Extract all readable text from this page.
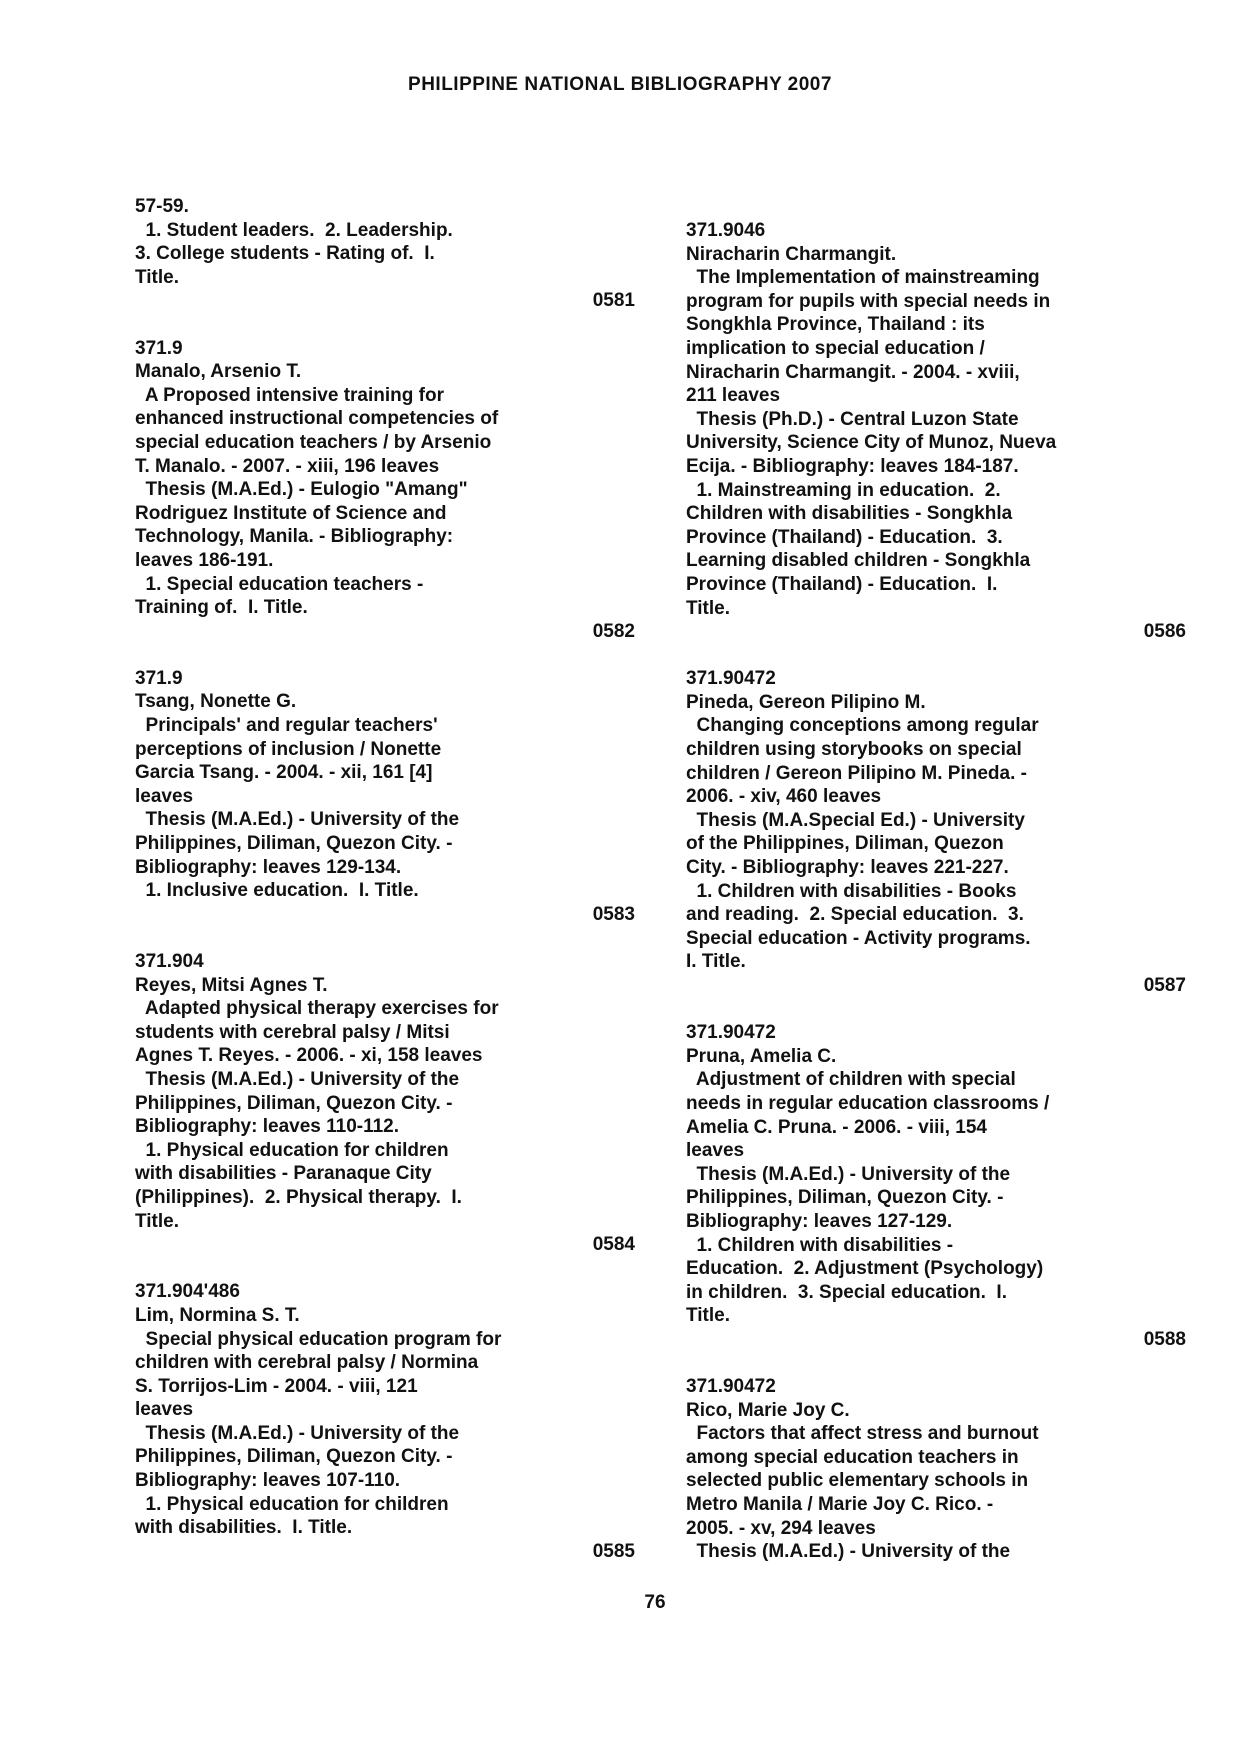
PHILIPPINE NATIONAL BIBLIOGRAPHY 2007
57-59.
1. Student leaders.  2. Leadership.
3. College students - Rating of.  I.
Title.
0581
371.9
Manalo, Arsenio T.
A Proposed intensive training for
enhanced instructional competencies of
special education teachers / by Arsenio
T. Manalo. - 2007. - xiii, 196 leaves
Thesis (M.A.Ed.) - Eulogio "Amang"
Rodriguez Institute of Science and
Technology, Manila. - Bibliography:
leaves 186-191.
1. Special education teachers -
Training of.  I. Title.
0582
371.9
Tsang, Nonette G.
Principals' and regular teachers'
perceptions of inclusion / Nonette
Garcia Tsang. - 2004. - xii, 161 [4]
leaves
Thesis (M.A.Ed.) - University of the
Philippines, Diliman, Quezon City. -
Bibliography: leaves 129-134.
1. Inclusive education.  I. Title.
0583
371.904
Reyes, Mitsi Agnes T.
Adapted physical therapy exercises for
students with cerebral palsy / Mitsi
Agnes T. Reyes. - 2006. - xi, 158 leaves
Thesis (M.A.Ed.) - University of the
Philippines, Diliman, Quezon City. -
Bibliography: leaves 110-112.
1. Physical education for children
with disabilities - Paranaque City
(Philippines).  2. Physical therapy.  I.
Title.
0584
371.904'486
Lim, Normina S. T.
Special physical education program for
children with cerebral palsy / Normina
S. Torrijos-Lim - 2004. - viii, 121
leaves
Thesis (M.A.Ed.) - University of the
Philippines, Diliman, Quezon City. -
Bibliography: leaves 107-110.
1. Physical education for children
with disabilities.  I. Title.
0585
371.9046
Niracharin Charmangit.
The Implementation of mainstreaming
program for pupils with special needs in
Songkhla Province, Thailand : its
implication to special education /
Niracharin Charmangit. - 2004. - xviii,
211 leaves
Thesis (Ph.D.) - Central Luzon State
University, Science City of Munoz, Nueva
Ecija. - Bibliography: leaves 184-187.
1. Mainstreaming in education.  2.
Children with disabilities - Songkhla
Province (Thailand) - Education.  3.
Learning disabled children - Songkhla
Province (Thailand) - Education.  I.
Title.
0586
371.90472
Pineda, Gereon Pilipino M.
Changing conceptions among regular
children using storybooks on special
children / Gereon Pilipino M. Pineda. -
2006. - xiv, 460 leaves
Thesis (M.A.Special Ed.) - University
of the Philippines, Diliman, Quezon
City. - Bibliography: leaves 221-227.
1. Children with disabilities - Books
and reading.  2. Special education.  3.
Special education - Activity programs.
I. Title.
0587
371.90472
Pruna, Amelia C.
Adjustment of children with special
needs in regular education classrooms /
Amelia C. Pruna. - 2006. - viii, 154
leaves
Thesis (M.A.Ed.) - University of the
Philippines, Diliman, Quezon City. -
Bibliography: leaves 127-129.
1. Children with disabilities -
Education.  2. Adjustment (Psychology)
in children.  3. Special education.  I.
Title.
0588
371.90472
Rico, Marie Joy C.
Factors that affect stress and burnout
among special education teachers in
selected public elementary schools in
Metro Manila / Marie Joy C. Rico. -
2005. - xv, 294 leaves
Thesis (M.A.Ed.) - University of the
76
